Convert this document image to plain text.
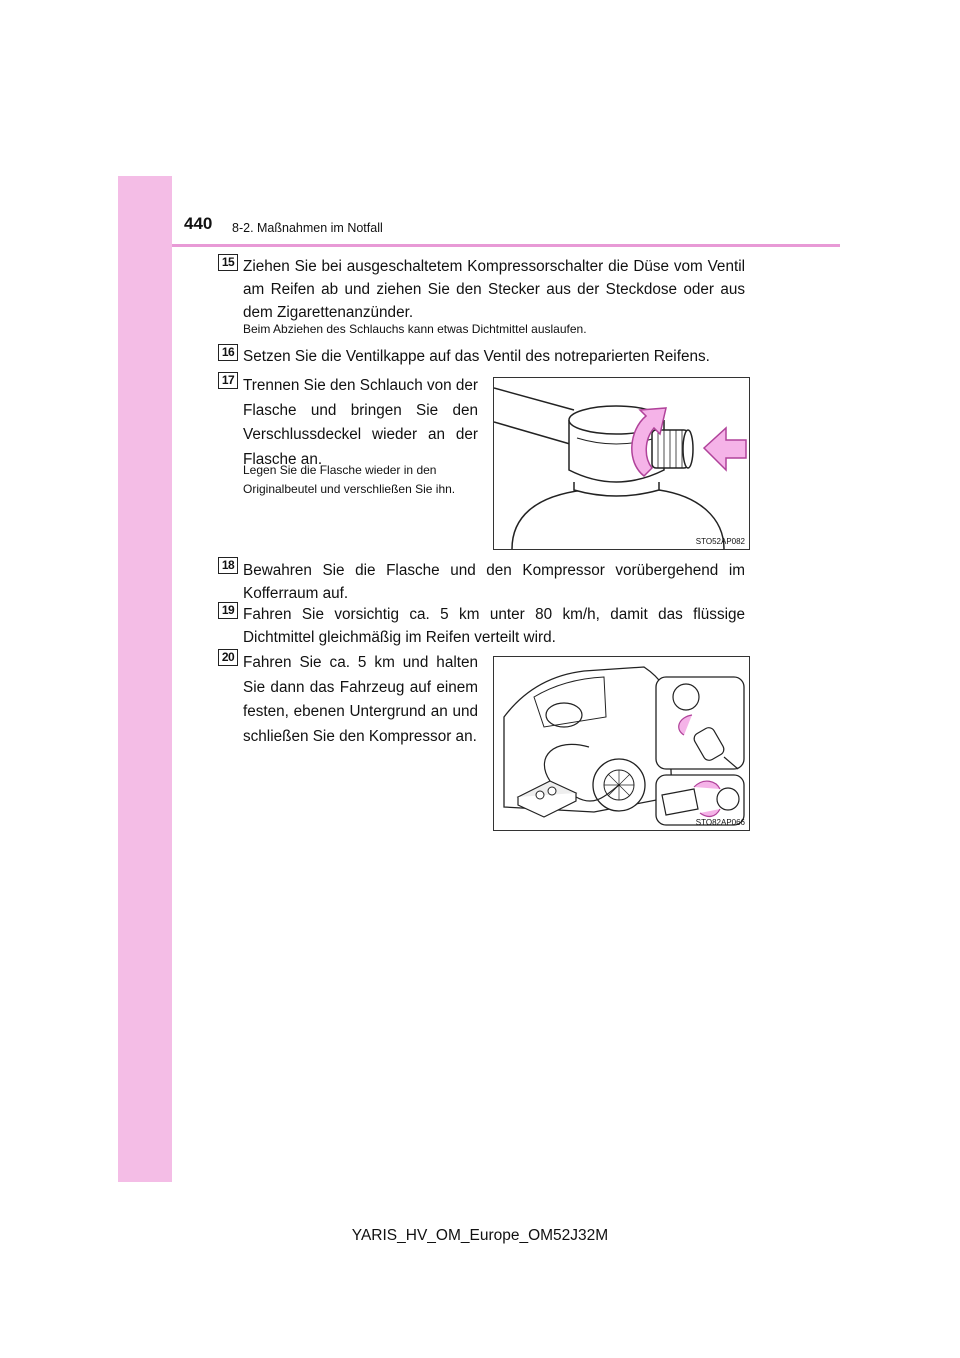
440 8-2. Maßnahmen im Notfall
15 Ziehen Sie bei ausgeschaltetem Kompressorschalter die Düse vom Ventil am Reifen ab und ziehen Sie den Stecker aus der Steckdose oder aus dem Zigarettenanzünder.
Beim Abziehen des Schlauchs kann etwas Dichtmittel auslaufen.
16 Setzen Sie die Ventilkappe auf das Ventil des notreparierten Reifens.
17 Trennen Sie den Schlauch von der Flasche und bringen Sie den Verschlussdeckel wieder an der Flasche an.
Legen Sie die Flasche wieder in den Originalbeutel und verschließen Sie ihn.
STO52AP082
18 Bewahren Sie die Flasche und den Kompressor vorübergehend im Kofferraum auf.
19 Fahren Sie vorsichtig ca. 5 km unter 80 km/h, damit das flüssige Dichtmittel gleichmäßig im Reifen verteilt wird.
20 Fahren Sie ca. 5 km und halten Sie dann das Fahrzeug auf einem festen, ebenen Untergrund an und schließen Sie den Kompressor an.
STO82AP066
YARIS_HV_OM_Europe_OM52J32M
